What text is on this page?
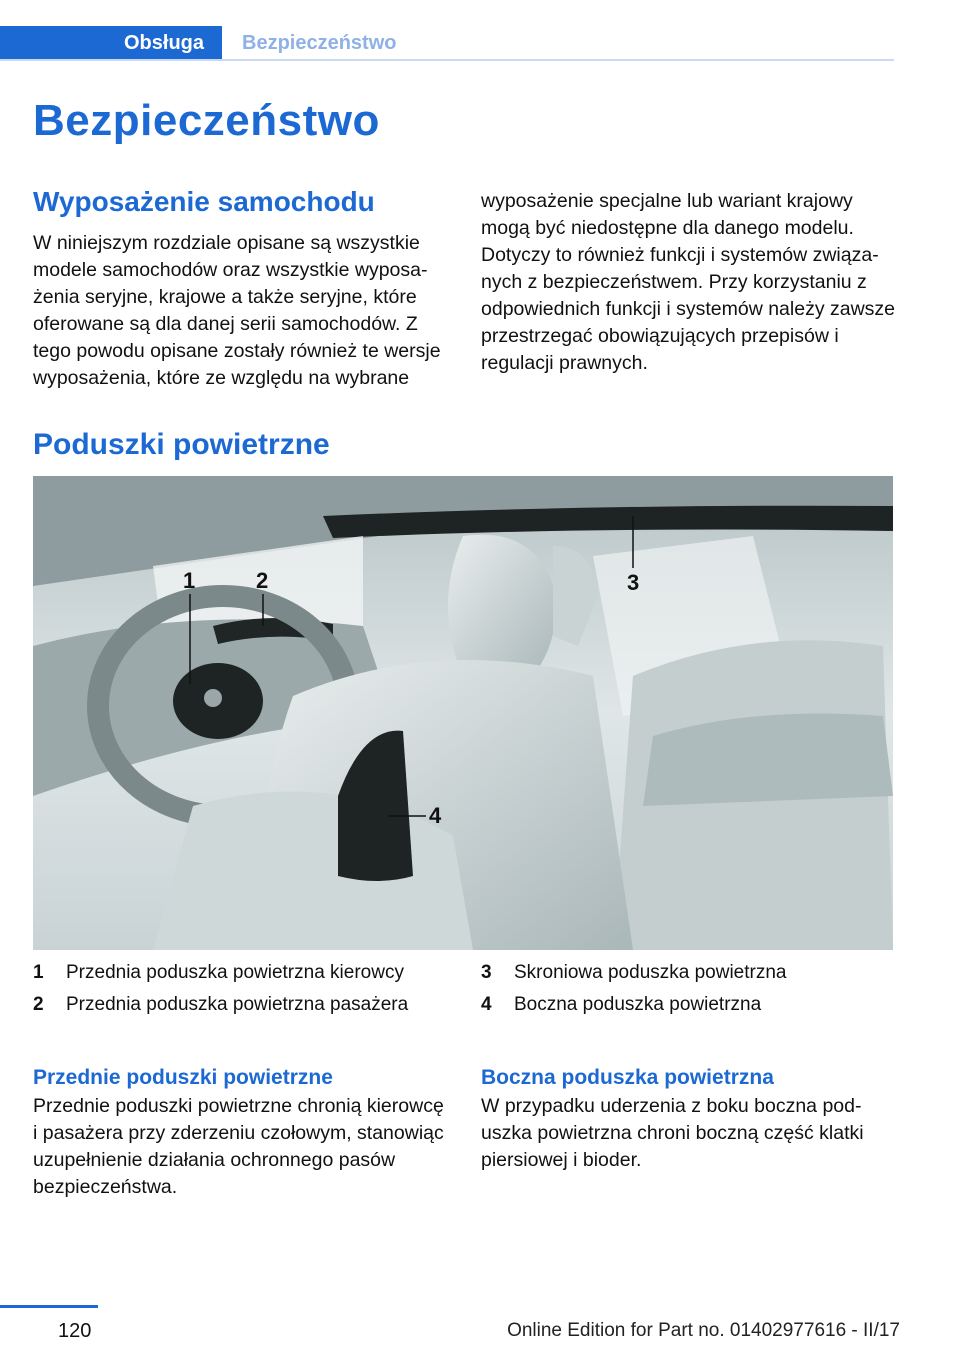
Obsługa	Bezpieczeństwo
Bezpieczeństwo
Wyposażenie samochodu

W niniejszym rozdziale opisane są wszystkie modele samochodów oraz wszystkie wyposażenia seryjne, krajowe a także seryjne, które oferowane są dla danej serii samochodów. Z tego powodu opisane zostały również te wersje wyposażenia, które ze względu na wybrane

wyposażenie specjalne lub wariant krajowy mogą być niedostępne dla danego modelu. Dotyczy to również funkcji i systemów związanych z bezpieczeństwem. Przy korzystaniu z odpowiednich funkcji i systemów należy zawsze przestrzegać obowiązujących przepisów i regulacji prawnych.

Poduszki powietrzne
1	2	3
4
1	Przednia poduszka powietrzna kierowcy
2	Przednia poduszka powietrzna pasażera
3	Skroniowa poduszka powietrzna
4	Boczna poduszka powietrzna
Przednie poduszki powietrzne

Przednie poduszki powietrzne chronią kierowcę i pasażera przy zderzeniu czołowym, stanowiąc uzupełnienie działania ochronnego pasów bezpieczeństwa.

Boczna poduszka powietrzna

W przypadku uderzenia z boku boczna poduszka powietrzna chroni boczną część klatki piersiowej i bioder.

120	Online Edition for Part no. 01402977616 - II/17
